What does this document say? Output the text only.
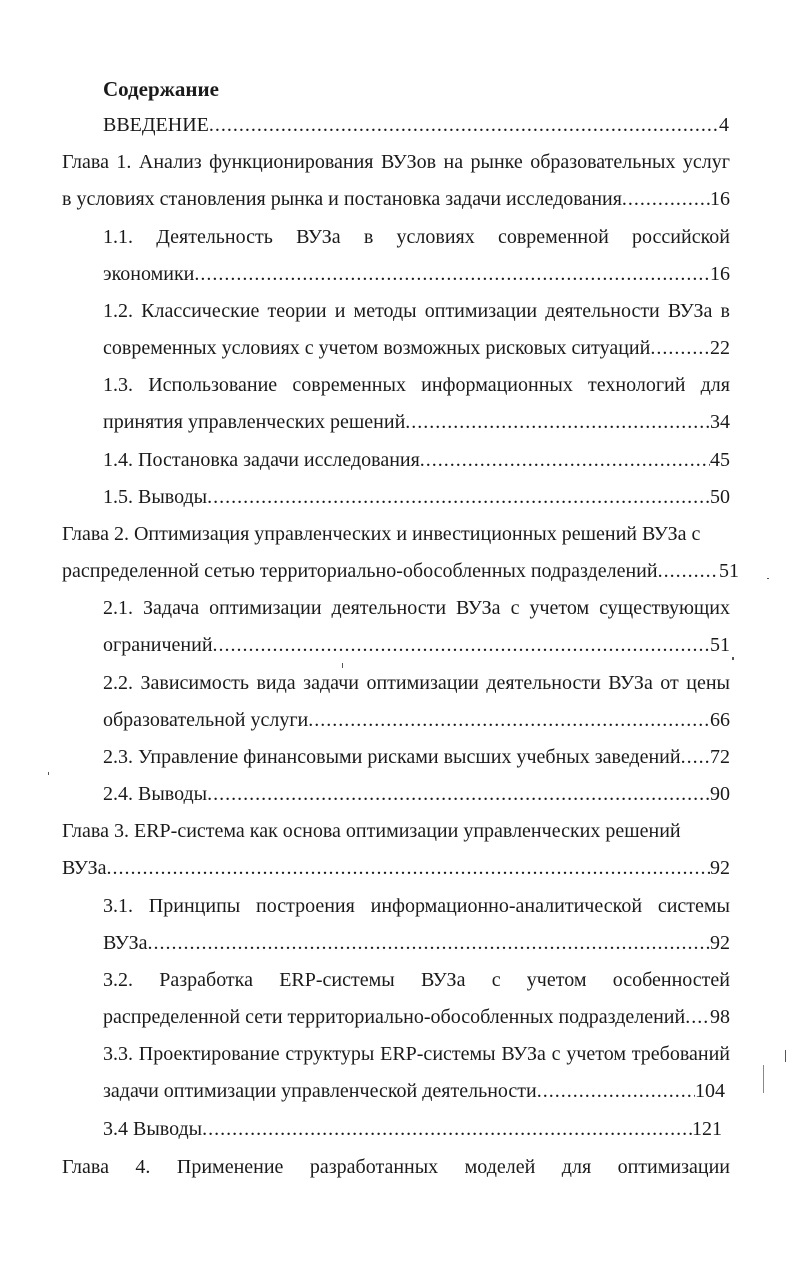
Содержание
ВВЕДЕНИЕ .....	4
Глава 1. Анализ функционирования ВУЗов на рынке образовательных услуг
в условиях становления рынка и постановка задачи исследования .....	16
1.1. Деятельность ВУЗа в условиях современной российской
экономики .....	16
1.2. Классические теории и методы оптимизации деятельности ВУЗа в
современных условиях с учетом возможных рисковых ситуаций .....	22
1.3. Использование современных информационных технологий для
принятия управленческих решений .....	34
1.4. Постановка задачи исследования .....	45
1.5. Выводы .....	50
Глава 2. Оптимизация управленческих и инвестиционных решений ВУЗа с
распределенной сетью территориально-обособленных подразделений .....	51
2.1. Задача оптимизации деятельности ВУЗа с учетом существующих
ограничений .....	51
2.2. Зависимость вида задачи оптимизации деятельности ВУЗа от цены
образовательной услуги .....	66
2.3. Управление финансовыми рисками высших учебных заведений ..... 72
2.4. Выводы .....	90
Глава 3. ERP-система как основа оптимизации управленческих решений
ВУЗа .....	92
3.1. Принципы построения информационно-аналитической системы
ВУЗа .....	92
3.2. Разработка ERP-системы ВУЗа с учетом особенностей
распределенной сети территориально-обособленных подразделений ..... 98
3.3. Проектирование структуры ERP-системы ВУЗа с учетом требований
задачи оптимизации управленческой деятельности .....	104
3.4 Выводы .....	121
Глава 4. Применение разработанных моделей для оптимизации
